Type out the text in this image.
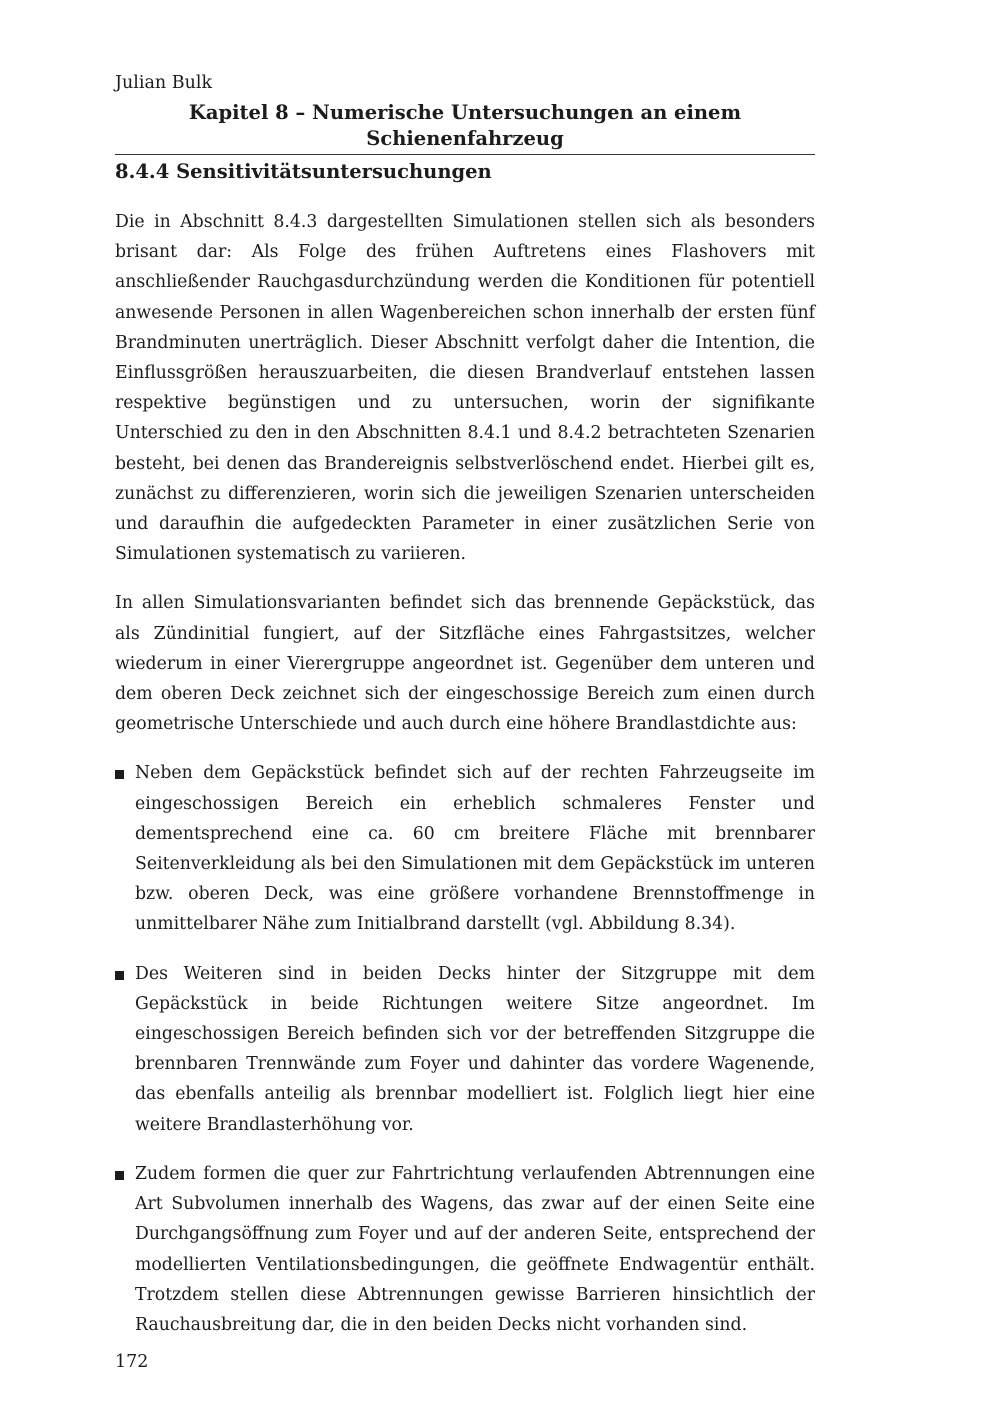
Julian Bulk
Kapitel 8 – Numerische Untersuchungen an einem Schienenfahrzeug
8.4.4 Sensitivitätsuntersuchungen

Die in Abschnitt 8.4.3 dargestellten Simulationen stellen sich als besonders brisant dar: Als Folge des frühen Auftretens eines Flashovers mit anschließender Rauchgasdurchzündung werden die Konditionen für potentiell anwesende Personen in allen Wagenbereichen schon innerhalb der ersten fünf Brandminuten unerträglich. Dieser Abschnitt verfolgt daher die Intention, die Einflussgrößen herauszuarbeiten, die diesen Brandverlauf entstehen lassen respektive begünstigen und zu untersuchen, worin der signifikante Unterschied zu den in den Abschnitten 8.4.1 und 8.4.2 betrachteten Szenarien besteht, bei denen das Brandereignis selbstverlöschend endet. Hierbei gilt es, zunächst zu differenzieren, worin sich die jeweiligen Szenarien unterscheiden und daraufhin die aufgedeckten Parameter in einer zusätzlichen Serie von Simulationen systematisch zu variieren.

In allen Simulationsvarianten befindet sich das brennende Gepäckstück, das als Zündinitial fungiert, auf der Sitzfläche eines Fahrgastsitzes, welcher wiederum in einer Vierergruppe angeordnet ist. Gegenüber dem unteren und dem oberen Deck zeichnet sich der eingeschossige Bereich zum einen durch geometrische Unterschiede und auch durch eine höhere Brandlastdichte aus:

Neben dem Gepäckstück befindet sich auf der rechten Fahrzeugseite im eingeschossigen Bereich ein erheblich schmaleres Fenster und dementsprechend eine ca. 60 cm breitere Fläche mit brennbarer Seitenverkleidung als bei den Simulationen mit dem Gepäckstück im unteren bzw. oberen Deck, was eine größere vorhandene Brennstoffmenge in unmittelbarer Nähe zum Initialbrand darstellt (vgl. Abbildung 8.34).
Des Weiteren sind in beiden Decks hinter der Sitzgruppe mit dem Gepäckstück in beide Richtungen weitere Sitze angeordnet. Im eingeschossigen Bereich befinden sich vor der betreffenden Sitzgruppe die brennbaren Trennwände zum Foyer und dahinter das vordere Wagenende, das ebenfalls anteilig als brennbar modelliert ist. Folglich liegt hier eine weitere Brandlasterhöhung vor.
Zudem formen die quer zur Fahrtrichtung verlaufenden Abtrennungen eine Art Subvolumen innerhalb des Wagens, das zwar auf der einen Seite eine Durchgangsöffnung zum Foyer und auf der anderen Seite, entsprechend der modellierten Ventilationsbedingungen, die geöffnete Endwagentür enthält. Trotzdem stellen diese Abtrennungen gewisse Barrieren hinsichtlich der Rauchausbreitung dar, die in den beiden Decks nicht vorhanden sind.
172
